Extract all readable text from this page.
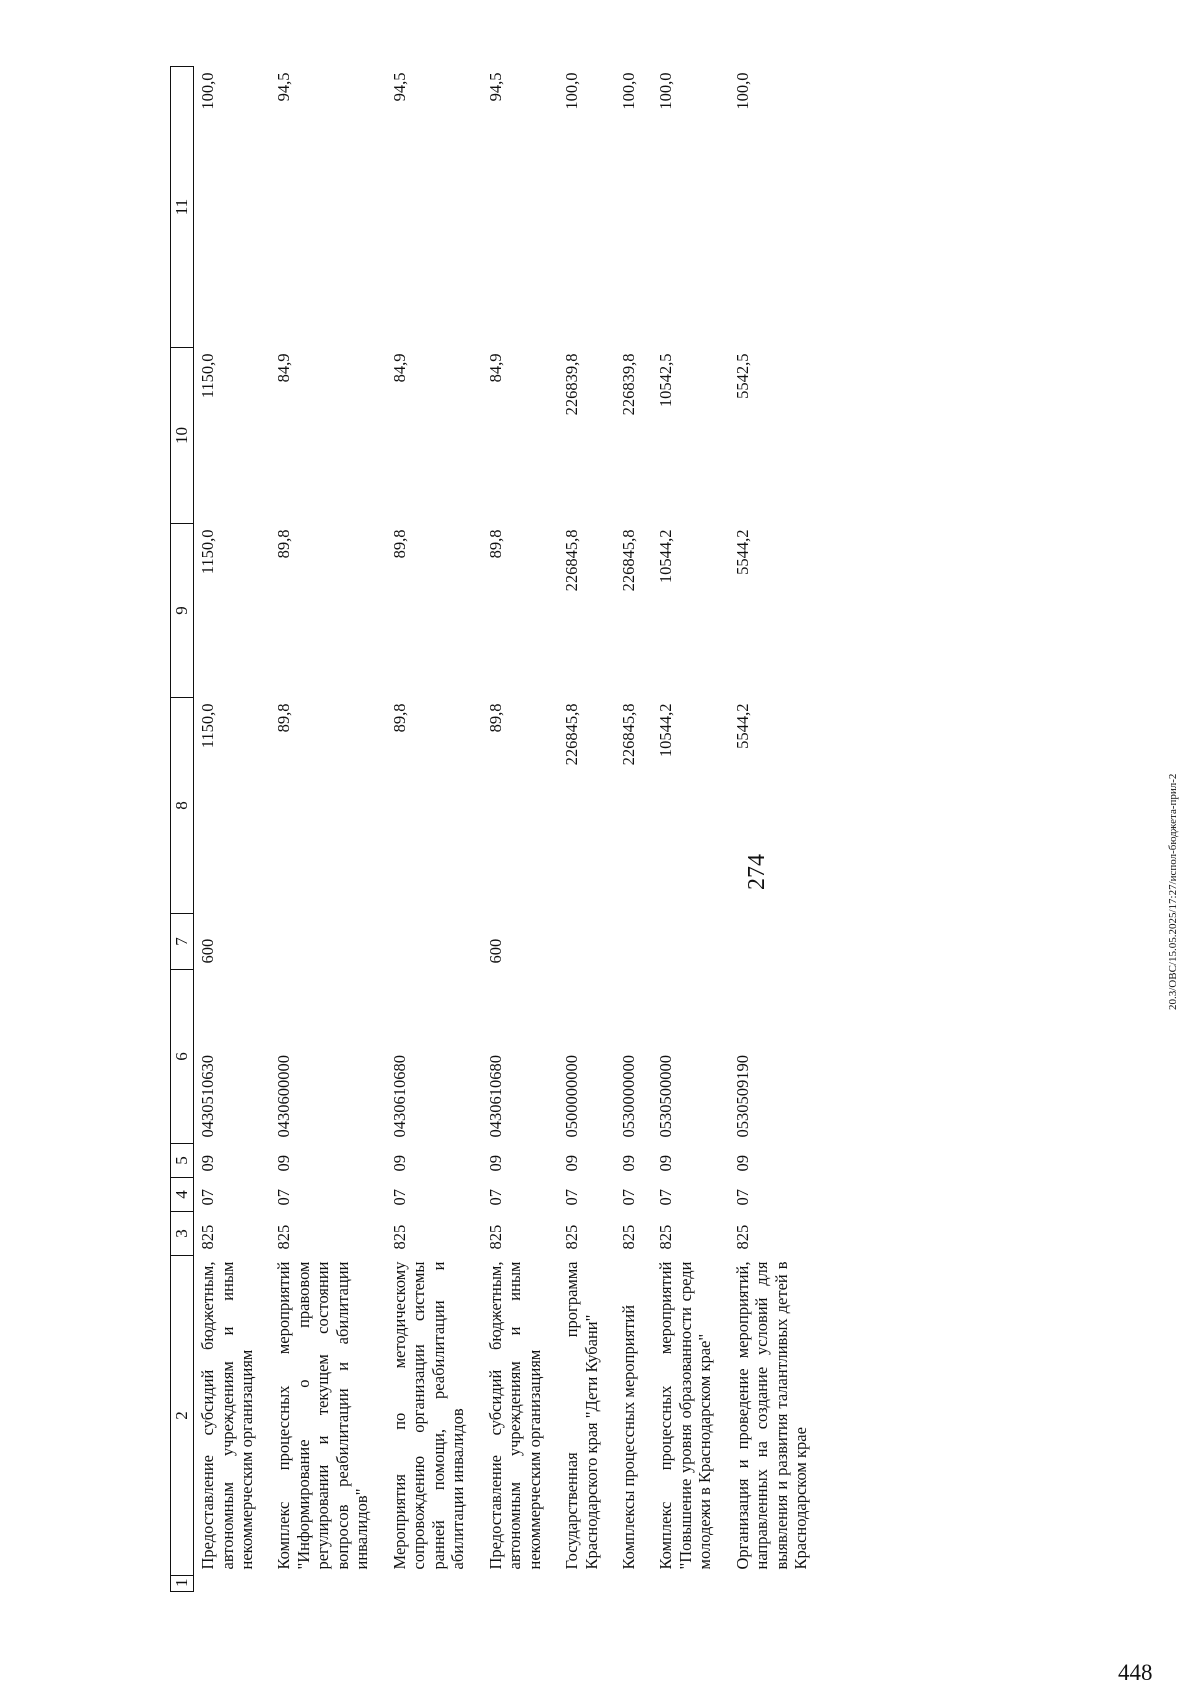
274
448
20.3/ОВС/15.05.2025/17:27/испол-бюджета-прил-2
1	2	3	4	5	6	7	8	9	10	11
	Предоставление субсидий бюджетным, автономным учреждениям и иным некоммерческим организациям	825	07	09	0430510630	600	1150,0	1150,0	1150,0	100,0
	Комплекс процессных мероприятий "Информирование о правовом регулировании и текущем состоянии вопросов реабилитации и абилитации инвалидов"	825	07	09	0430600000		89,8	89,8	84,9	94,5
	Мероприятия по методическому сопровождению организации системы ранней помощи, реабилитации и абилитации инвалидов	825	07	09	0430610680		89,8	89,8	84,9	94,5
	Предоставление субсидий бюджетным, автономным учреждениям и иным некоммерческим организациям	825	07	09	0430610680	600	89,8	89,8	84,9	94,5
	Государственная программа Краснодарского края "Дети Кубани"	825	07	09	0500000000		226845,8	226845,8	226839,8	100,0
	Комплексы процессных мероприятий	825	07	09	0530000000		226845,8	226845,8	226839,8	100,0
	Комплекс процессных мероприятий "Повышение уровня образованности среди молодежи в Краснодарском крае"	825	07	09	0530500000		10544,2	10544,2	10542,5	100,0
	Организация и проведение мероприятий, направленных на создание условий для выявления и развития талантливых детей в Краснодарском крае	825	07	09	0530509190		5544,2	5544,2	5542,5	100,0
